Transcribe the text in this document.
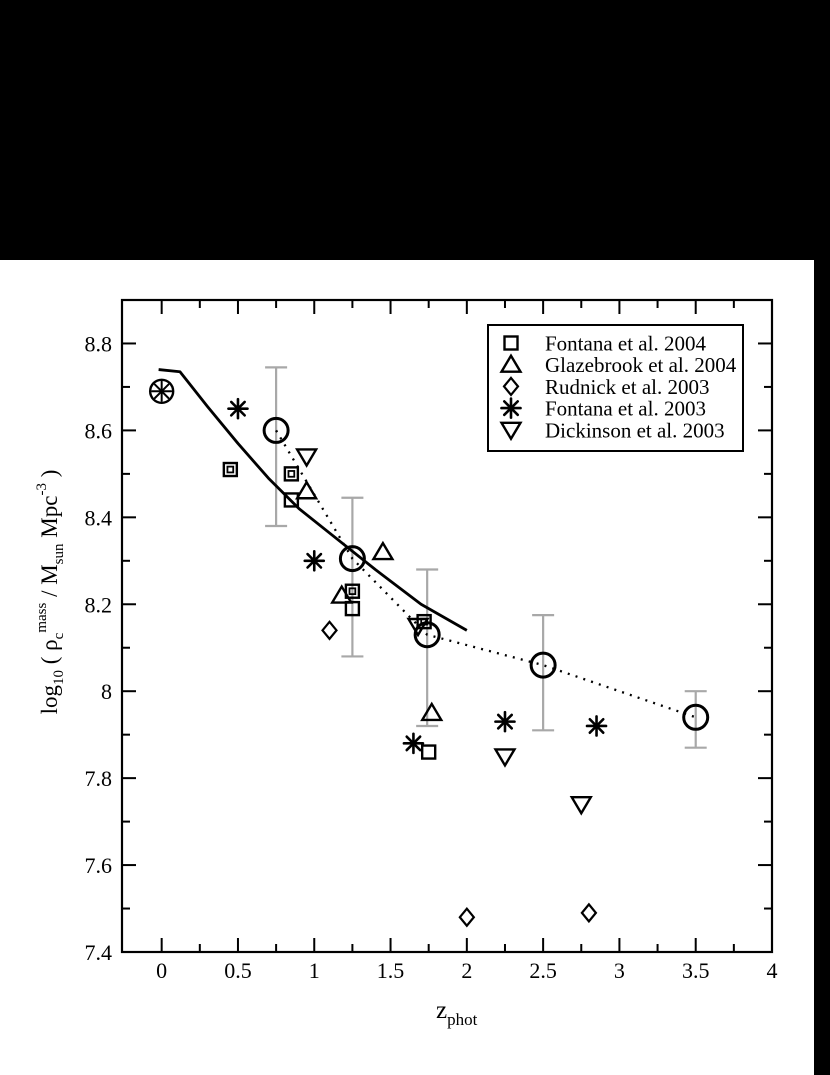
0	0.5	1	1.5	2	2.5	3	3.5	4
7.4
7.6
7.8
8
8.2
8.4
8.6
8.8	Fontana et al. 2004
Glazebrook et al. 2004
Rudnick et al. 2003
Fontana et al. 2003
Dickinson et al. 2003
$z_{phot}$
$\log_{10}$ ( $\rho_c^{mass} / M_{sun}$ Mpc$^{-3}$ )
